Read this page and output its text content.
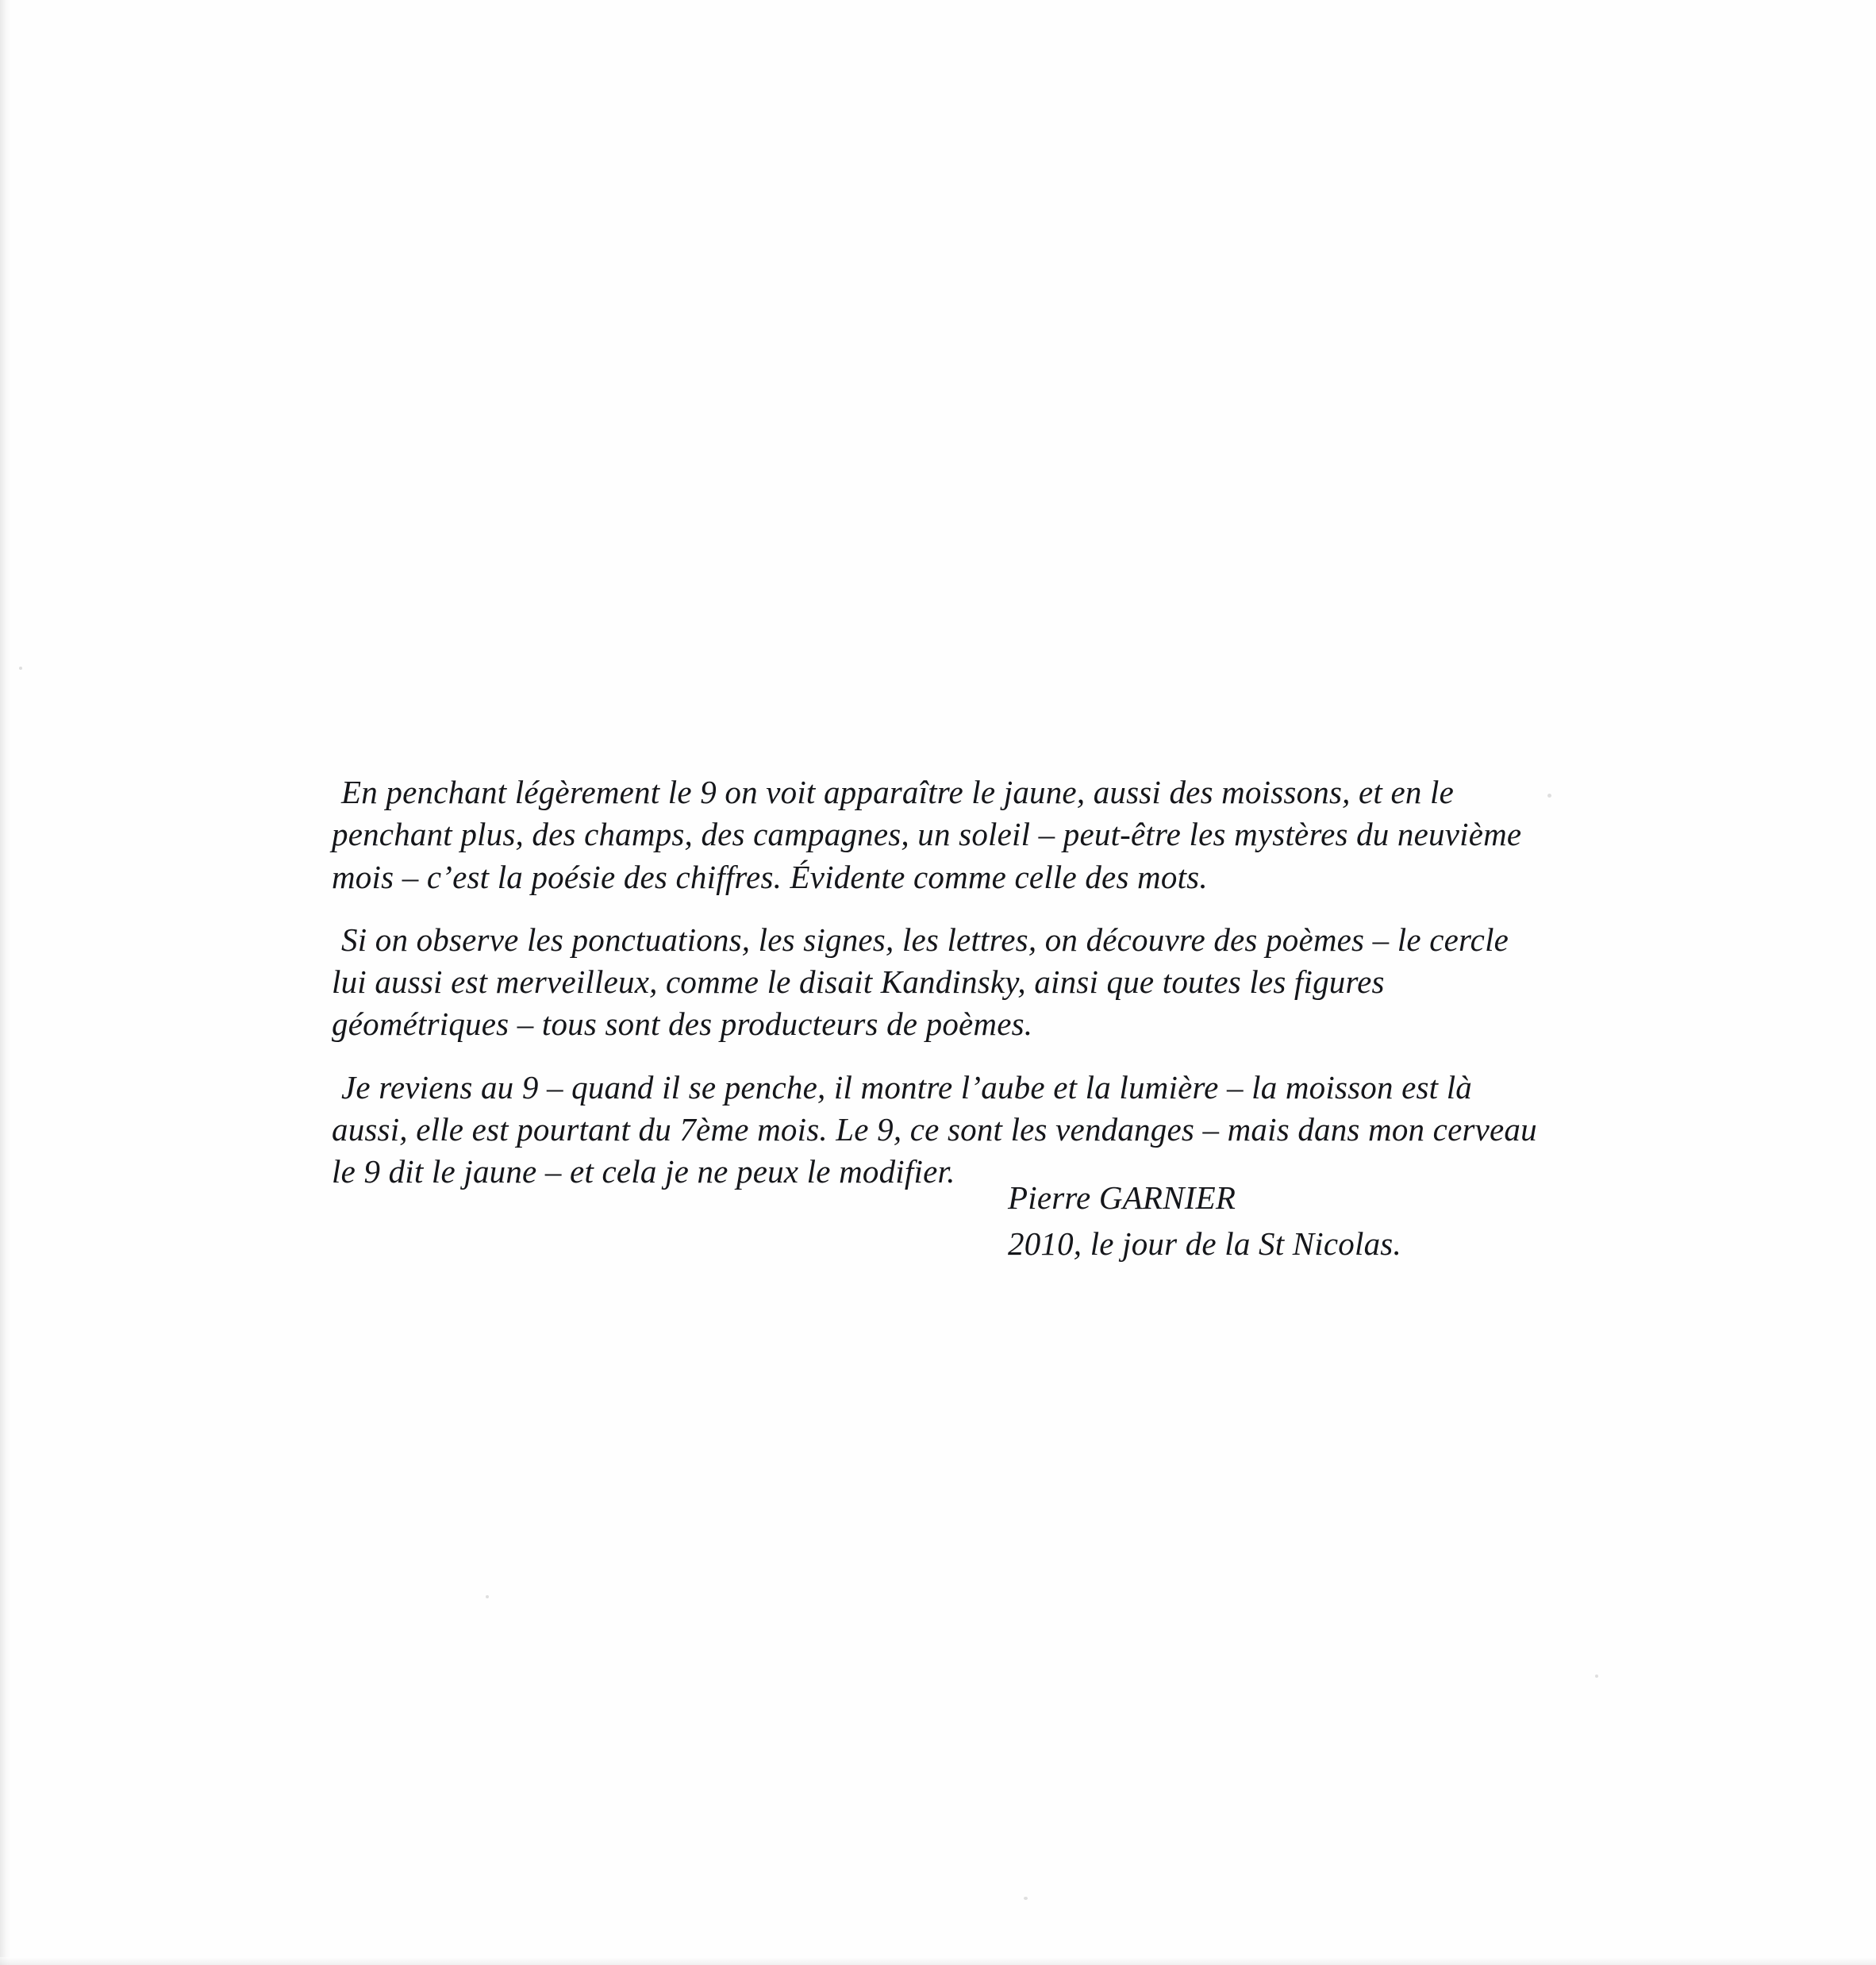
En penchant légèrement le 9 on voit apparaître le jaune, aussi des moissons, et en le penchant plus, des champs, des campagnes, un soleil – peut-être les mystères du neuvième mois – c’est la poésie des chiffres. Évidente comme celle des mots.

Si on observe les ponctuations, les signes, les lettres, on découvre des poèmes – le cercle lui aussi est merveilleux, comme le disait Kandinsky, ainsi que toutes les figures géométriques – tous sont des producteurs de poèmes.

Je reviens au 9 – quand il se penche, il montre l’aube et la lumière – la moisson est là aussi, elle est pourtant du 7ème mois. Le 9, ce sont les vendanges – mais dans mon cerveau le 9 dit le jaune – et cela je ne peux le modifier.

Pierre GARNIER
2010, le jour de la St Nicolas.
